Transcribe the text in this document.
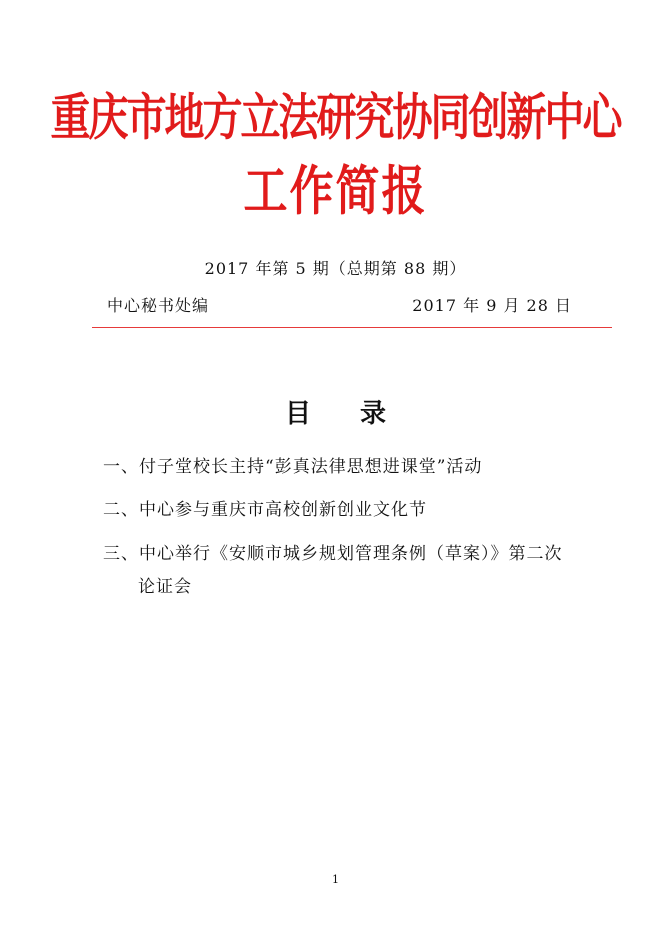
重庆市地方立法研究协同创新中心
工作简报
2017 年第 5 期（总期第 88 期）
中心秘书处编	2017 年 9 月 28 日
目 录
一、付子堂校长主持“彭真法律思想进课堂”活动
二、中心参与重庆市高校创新创业文化节
三、中心举行《安顺市城乡规划管理条例（草案）》第二次
论证会
1
